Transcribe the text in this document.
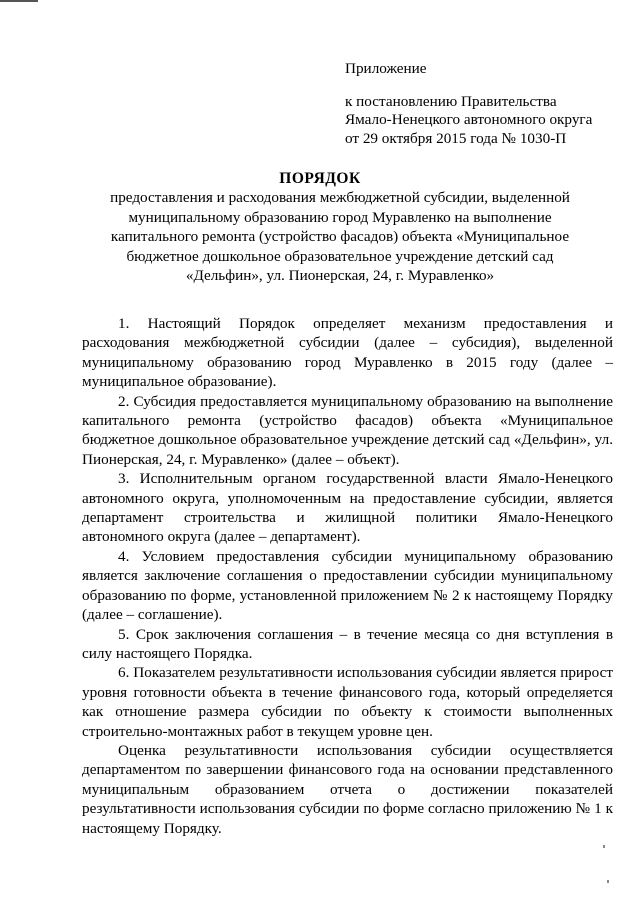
Приложение
к постановлению Правительства
Ямало-Ненецкого автономного округа
от 29 октября 2015 года № 1030-П
ПОРЯДОК
предоставления и расходования межбюджетной субсидии, выделенной
муниципальному образованию город Муравленко на выполнение
капитального ремонта (устройство фасадов) объекта «Муниципальное
бюджетное дошкольное образовательное учреждение детский сад
«Дельфин», ул. Пионерская, 24, г. Муравленко»

1. Настоящий Порядок определяет механизм предоставления и расходования межбюджетной субсидии (далее – субсидия), выделенной муниципальному образованию город Муравленко в 2015 году (далее – муниципальное образование).

2. Субсидия предоставляется муниципальному образованию на выполнение капитального ремонта (устройство фасадов) объекта «Муниципальное бюджетное дошкольное образовательное учреждение детский сад «Дельфин», ул. Пионерская, 24, г. Муравленко» (далее – объект).

3. Исполнительным органом государственной власти Ямало-Ненецкого автономного округа, уполномоченным на предоставление субсидии, является департамент строительства и жилищной политики Ямало-Ненецкого автономного округа (далее – департамент).

4. Условием предоставления субсидии муниципальному образованию является заключение соглашения о предоставлении субсидии муниципальному образованию по форме, установленной приложением № 2 к настоящему Порядку (далее – соглашение).

5. Срок заключения соглашения – в течение месяца со дня вступления в силу настоящего Порядка.

6. Показателем результативности использования субсидии является прирост уровня готовности объекта в течение финансового года, который определяется как отношение размера субсидии по объекту к стоимости выполненных строительно-монтажных работ в текущем уровне цен.

Оценка результативности использования субсидии осуществляется департаментом по завершении финансового года на основании представленного муниципальным образованием отчета о достижении показателей результативности использования субсидии по форме согласно приложению № 1 к настоящему Порядку.
